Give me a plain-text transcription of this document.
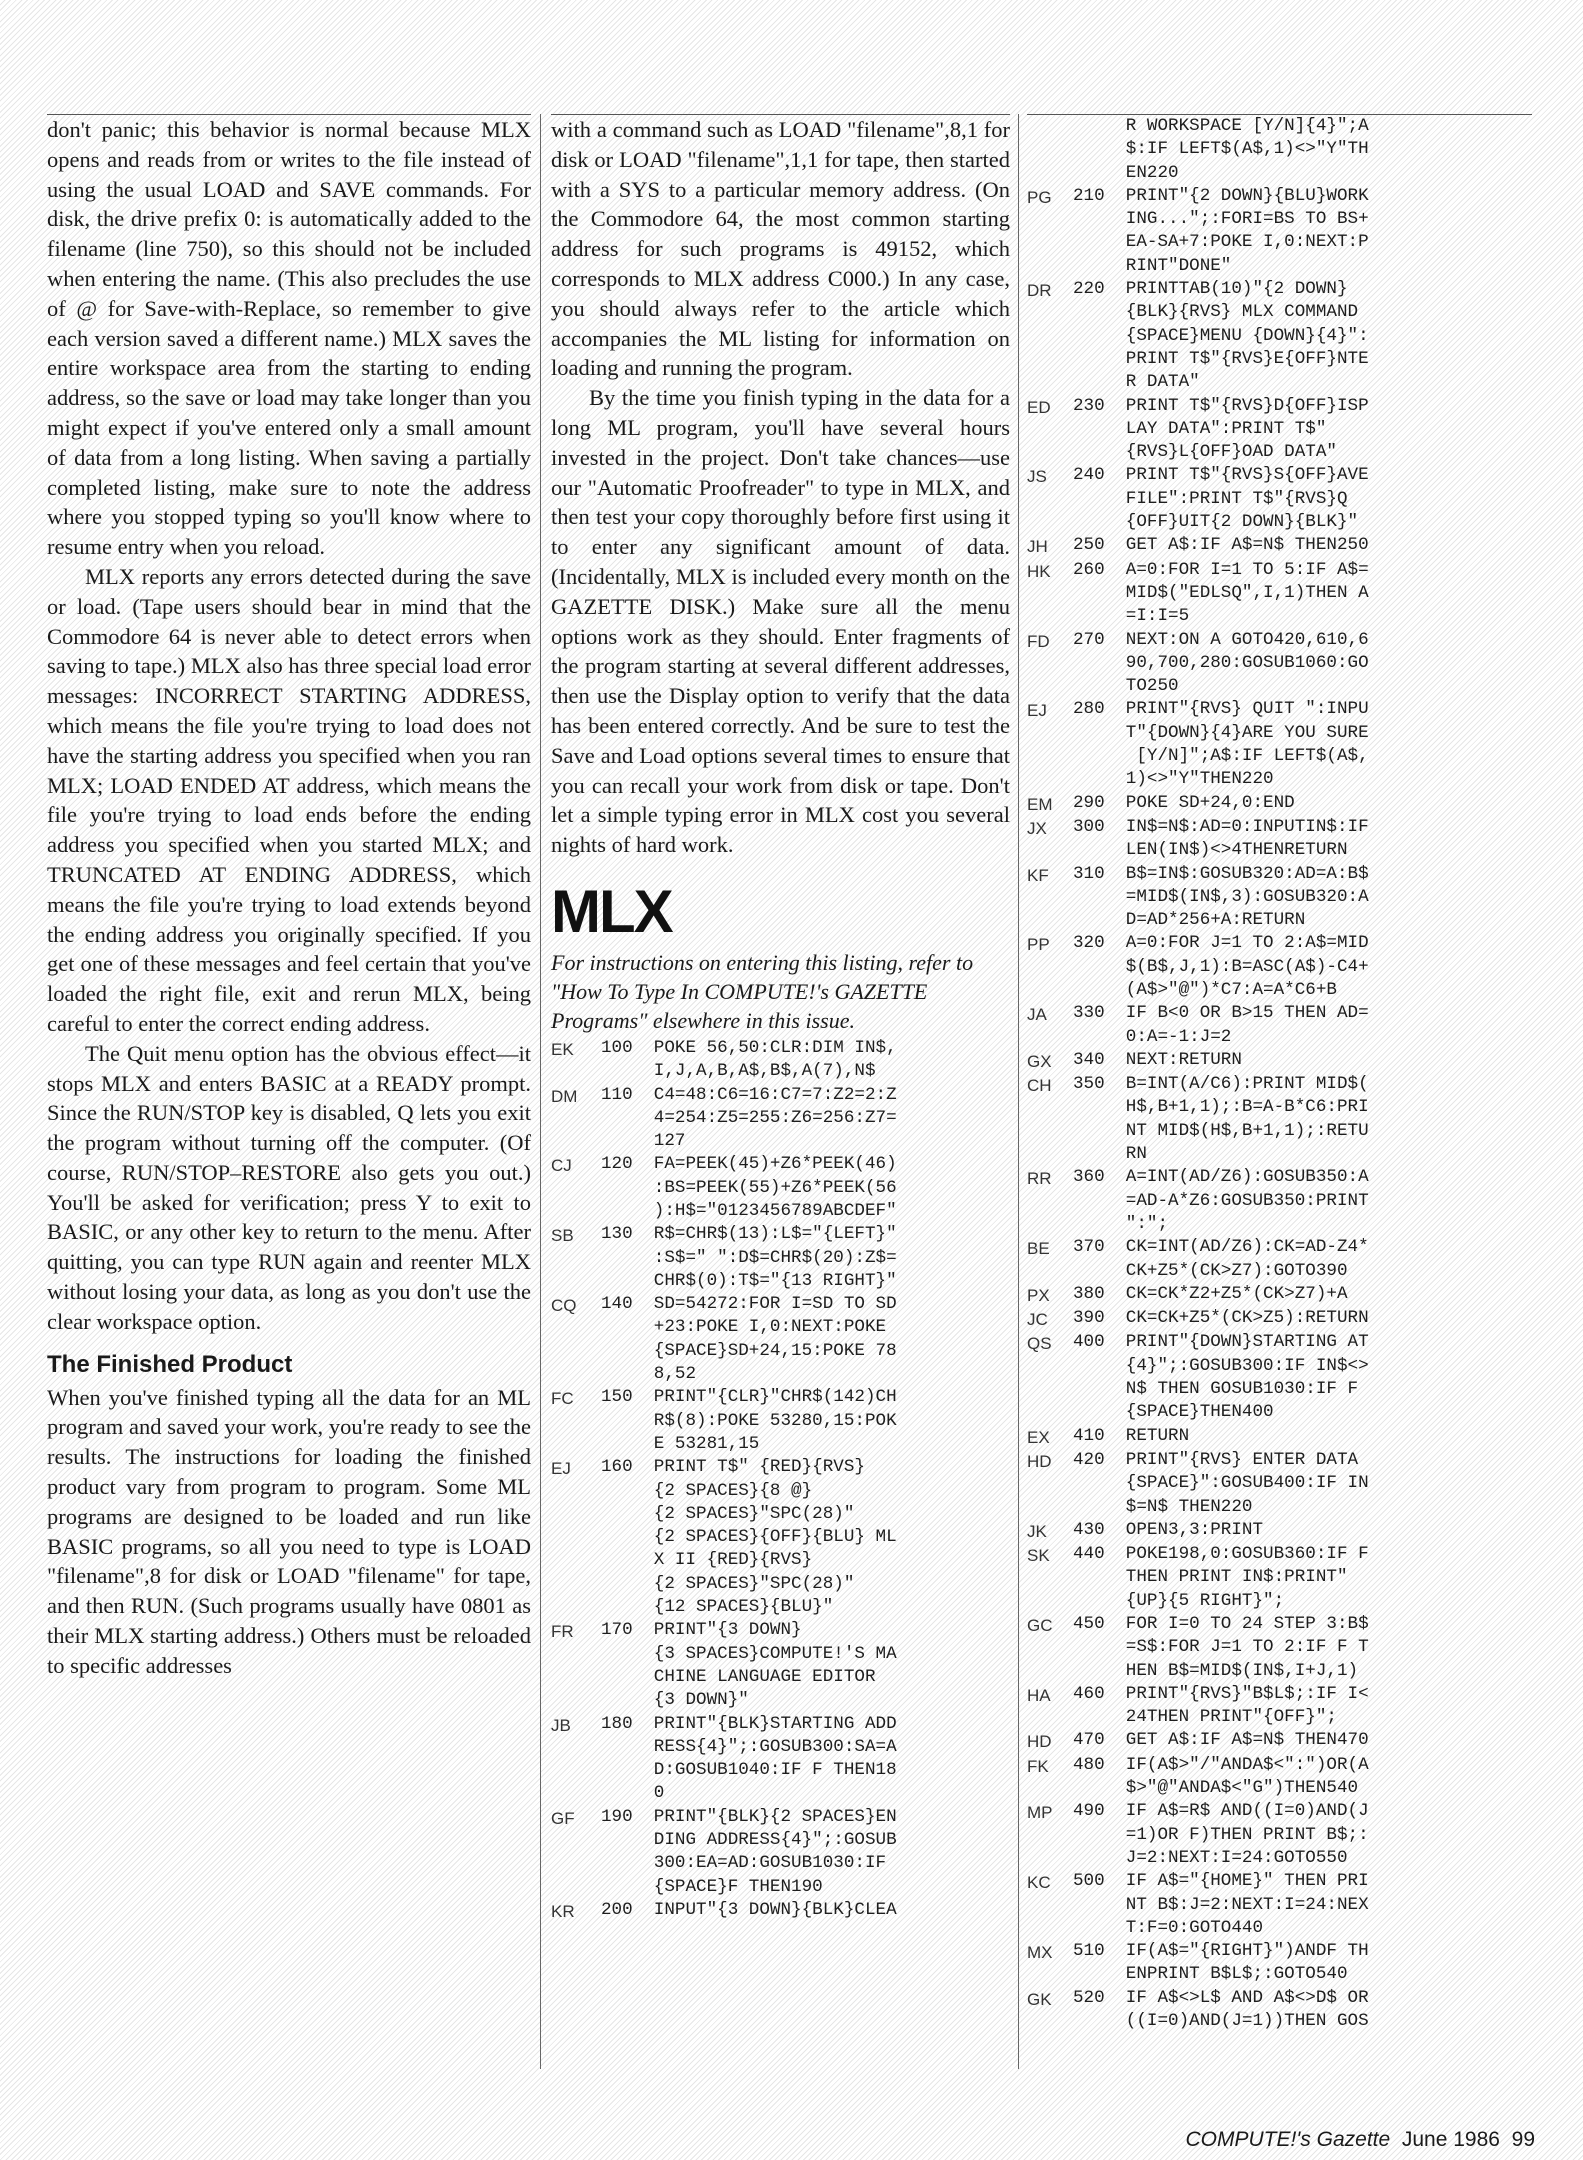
don't panic; this behavior is normal because MLX opens and reads from or writes to the file instead of using the usual LOAD and SAVE commands. For disk, the drive prefix 0: is automatically added to the filename (line 750), so this should not be included when entering the name. (This also precludes the use of @ for Save-with-Replace, so remember to give each version saved a different name.) MLX saves the entire workspace area from the starting to ending address, so the save or load may take longer than you might expect if you've entered only a small amount of data from a long listing. When saving a partially completed listing, make sure to note the address where you stopped typing so you'll know where to resume entry when you reload.

MLX reports any errors detected during the save or load. (Tape users should bear in mind that the Commodore 64 is never able to detect errors when saving to tape.) MLX also has three special load error messages: INCORRECT STARTING ADDRESS, which means the file you're trying to load does not have the starting address you specified when you ran MLX; LOAD ENDED AT address, which means the file you're trying to load ends before the ending address you specified when you started MLX; and TRUNCATED AT ENDING ADDRESS, which means the file you're trying to load extends beyond the ending address you originally specified. If you get one of these messages and feel certain that you've loaded the right file, exit and rerun MLX, being careful to enter the correct ending address.

The Quit menu option has the obvious effect—it stops MLX and enters BASIC at a READY prompt. Since the RUN/STOP key is disabled, Q lets you exit the program without turning off the computer. (Of course, RUN/STOP–RESTORE also gets you out.) You'll be asked for verification; press Y to exit to BASIC, or any other key to return to the menu. After quitting, you can type RUN again and reenter MLX without losing your data, as long as you don't use the clear workspace option.

The Finished Product

When you've finished typing all the data for an ML program and saved your work, you're ready to see the results. The instructions for loading the finished product vary from program to program. Some ML programs are designed to be loaded and run like BASIC programs, so all you need to type is LOAD "filename",8 for disk or LOAD "filename" for tape, and then RUN. (Such programs usually have 0801 as their MLX starting address.) Others must be reloaded to specific addresses

with a command such as LOAD "filename",8,1 for disk or LOAD "filename",1,1 for tape, then started with a SYS to a particular memory address. (On the Commodore 64, the most common starting address for such programs is 49152, which corresponds to MLX address C000.) In any case, you should always refer to the article which accompanies the ML listing for information on loading and running the program.

By the time you finish typing in the data for a long ML program, you'll have several hours invested in the project. Don't take chances—use our "Automatic Proofreader" to type in MLX, and then test your copy thoroughly before first using it to enter any significant amount of data. (Incidentally, MLX is included every month on the GAZETTE DISK.) Make sure all the menu options work as they should. Enter fragments of the program starting at several different addresses, then use the Display option to verify that the data has been entered correctly. And be sure to test the Save and Load options several times to ensure that you can recall your work from disk or tape. Don't let a simple typing error in MLX cost you several nights of hard work.

MLX
For instructions on entering this listing, refer to "How To Type In COMPUTE!'s GAZETTE Programs" elsewhere in this issue.
EK	100  POKE 56,50:CLR:DIM IN$,
I,J,A,B,A$,B$,A(7),N$
DM	110  C4=48:C6=16:C7=7:Z2=2:Z
4=254:Z5=255:Z6=256:Z7=
127
CJ	120  FA=PEEK(45)+Z6*PEEK(46)
:BS=PEEK(55)+Z6*PEEK(56
):H$="0123456789ABCDEF"
SB	130  R$=CHR$(13):L$="{LEFT}"
:S$=" ":D$=CHR$(20):Z$=
CHR$(0):T$="{13 RIGHT}"
CQ	140  SD=54272:FOR I=SD TO SD
+23:POKE I,0:NEXT:POKE
{SPACE}SD+24,15:POKE 78
8,52
FC	150  PRINT"{CLR}"CHR$(142)CH
R$(8):POKE 53280,15:POK
E 53281,15
EJ	160  PRINT T$" {RED}{RVS}
{2 SPACES}{8 @}
{2 SPACES}"SPC(28)"
{2 SPACES}{OFF}{BLU} ML
X II {RED}{RVS}
{2 SPACES}"SPC(28)"
{12 SPACES}{BLU}"
FR	170  PRINT"{3 DOWN}
{3 SPACES}COMPUTE!'S MA
CHINE LANGUAGE EDITOR
{3 DOWN}"
JB	180  PRINT"{BLK}STARTING ADD
RESS{4}";:GOSUB300:SA=A
D:GOSUB1040:IF F THEN18
0
GF	190  PRINT"{BLK}{2 SPACES}EN
DING ADDRESS{4}";:GOSUB
300:EA=AD:GOSUB1030:IF
{SPACE}F THEN190
KR	200  INPUT"{3 DOWN}{BLK}CLEA
R WORKSPACE [Y/N]{4}";A
$:IF LEFT$(A$,1)<>"Y"TH
EN220
PG	210  PRINT"{2 DOWN}{BLU}WORK
ING...";:FORI=BS TO BS+
EA-SA+7:POKE I,0:NEXT:P
RINT"DONE"
DR	220  PRINTTAB(10)"{2 DOWN}
{BLK}{RVS} MLX COMMAND
{SPACE}MENU {DOWN}{4}":
PRINT T$"{RVS}E{OFF}NTE
R DATA"
ED	230  PRINT T$"{RVS}D{OFF}ISP
LAY DATA":PRINT T$"
{RVS}L{OFF}OAD DATA"
JS	240  PRINT T$"{RVS}S{OFF}AVE
FILE":PRINT T$"{RVS}Q
{OFF}UIT{2 DOWN}{BLK}"
JH	250  GET A$:IF A$=N$ THEN250
HK	260  A=0:FOR I=1 TO 5:IF A$=
MID$("EDLSQ",I,1)THEN A
=I:I=5
FD	270  NEXT:ON A GOTO420,610,6
90,700,280:GOSUB1060:GO
TO250
EJ	280  PRINT"{RVS} QUIT ":INPU
T"{DOWN}{4}ARE YOU SURE
[Y/N]";A$:IF LEFT$(A$,
1)<>"Y"THEN220
EM	290  POKE SD+24,0:END
JX	300  IN$=N$:AD=0:INPUTIN$:IF
LEN(IN$)<>4THENRETURN
KF	310  B$=IN$:GOSUB320:AD=A:B$
=MID$(IN$,3):GOSUB320:A
D=AD*256+A:RETURN
PP	320  A=0:FOR J=1 TO 2:A$=MID
$(B$,J,1):B=ASC(A$)-C4+
(A$>"@")*C7:A=A*C6+B
JA	330  IF B<0 OR B>15 THEN AD=
0:A=-1:J=2
GX	340  NEXT:RETURN
CH	350  B=INT(A/C6):PRINT MID$(
H$,B+1,1);:B=A-B*C6:PRI
NT MID$(H$,B+1,1);:RETU
RN
RR	360  A=INT(AD/Z6):GOSUB350:A
=AD-A*Z6:GOSUB350:PRINT
":";
BE	370  CK=INT(AD/Z6):CK=AD-Z4*
CK+Z5*(CK>Z7):GOTO390
PX	380  CK=CK*Z2+Z5*(CK>Z7)+A
JC	390  CK=CK+Z5*(CK>Z5):RETURN
QS	400  PRINT"{DOWN}STARTING AT
{4}";:GOSUB300:IF IN$<>
N$ THEN GOSUB1030:IF F
{SPACE}THEN400
EX	410  RETURN
HD	420  PRINT"{RVS} ENTER DATA
{SPACE}":GOSUB400:IF IN
$=N$ THEN220
JK	430  OPEN3,3:PRINT
SK	440  POKE198,0:GOSUB360:IF F
THEN PRINT IN$:PRINT"
{UP}{5 RIGHT}";
GC	450  FOR I=0 TO 24 STEP 3:B$
=S$:FOR J=1 TO 2:IF F T
HEN B$=MID$(IN$,I+J,1)
HA	460  PRINT"{RVS}"B$L$;:IF I<
24THEN PRINT"{OFF}";
HD	470  GET A$:IF A$=N$ THEN470
FK	480  IF(A$>"/"ANDA$<":")OR(A
$>"@"ANDA$<"G")THEN540
MP	490  IF A$=R$ AND((I=0)AND(J
=1)OR F)THEN PRINT B$;:
J=2:NEXT:I=24:GOTO550
KC	500  IF A$="{HOME}" THEN PRI
NT B$:J=2:NEXT:I=24:NEX
T:F=0:GOTO440
MX	510  IF(A$="{RIGHT}")ANDF TH
ENPRINT B$L$;:GOTO540
GK	520  IF A$<>L$ AND A$<>D$ OR
((I=0)AND(J=1))THEN GOS
COMPUTE!'s Gazette June 1986 99
